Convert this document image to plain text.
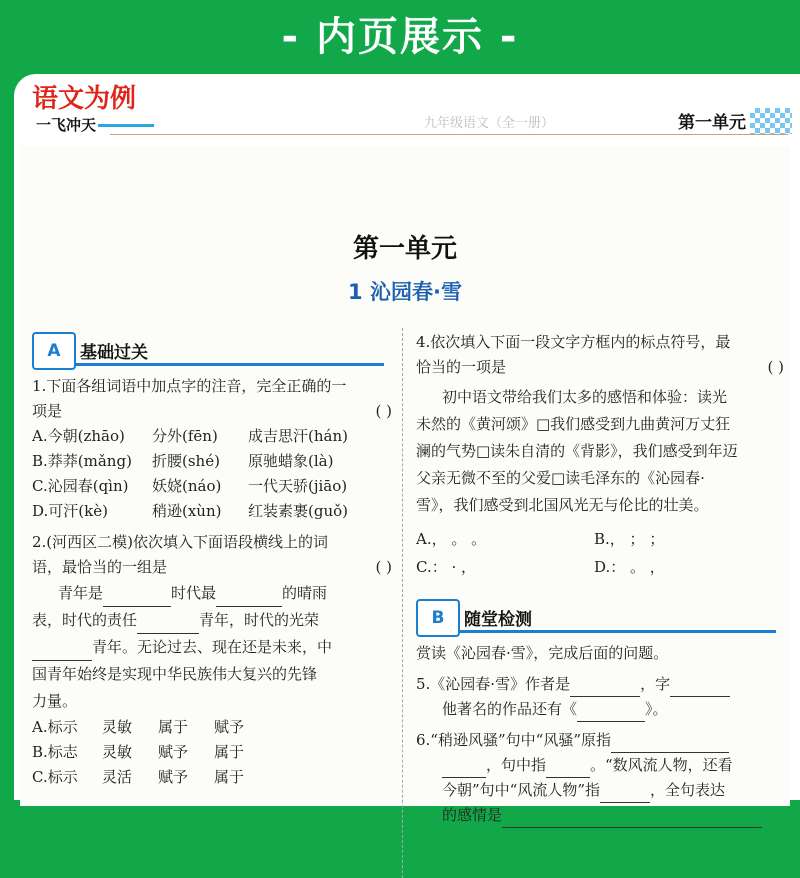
- 内页展示 -
语文为例
一飞冲天	九年级语文（全一册）	第一单元
第一单元
1 沁园春·雪
A	基础过关
1.下面各组词语中加点字的注音，完全正确的一
项是	( )
A.今朝(zhāo)	分外(fēn)	成吉思汗(hán)
B.莽莽(mǎng)	折腰(shé)	原驰蜡象(là)
C.沁园春(qìn)	妖娆(náo)	一代天骄(jiāo)
D.可汗(kè)	稍逊(xùn)	红装素裹(guǒ)
2.(河西区二模)依次填入下面语段横线上的词
语，最恰当的一组是	( )
青年是	时代最	的晴雨
表，时代的责任	青年，时代的光荣
青年。无论过去、现在还是未来，中
国青年始终是实现中华民族伟大复兴的先锋
力量。
A.标示	灵敏	属于	赋予
B.标志	灵敏	赋予	属于
C.标示	灵活	赋予	属于
4.依次填入下面一段文字方框内的标点符号，最
恰当的一项是	( )
初中语文带给我们太多的感悟和体验：读光
未然的《黄河颂》□我们感受到九曲黄河万丈狂
澜的气势□读朱自清的《背影》，我们感受到年迈
父亲无微不至的父爱□读毛泽东的《沁园春·
雪》，我们感受到北国风光无与伦比的壮美。
A.， 。 。	B.， ； ；
C.： · ，	D.： 。 ，
B	随堂检测
赏读《沁园春·雪》，完成后面的问题。
5.《沁园春·雪》作者是	，字
他著名的作品还有《	》。
6.“稍逊风骚”句中“风骚”原指
，句中指	。“数风流人物，还看
今朝”句中“风流人物”指	，全句表达
的感情是
